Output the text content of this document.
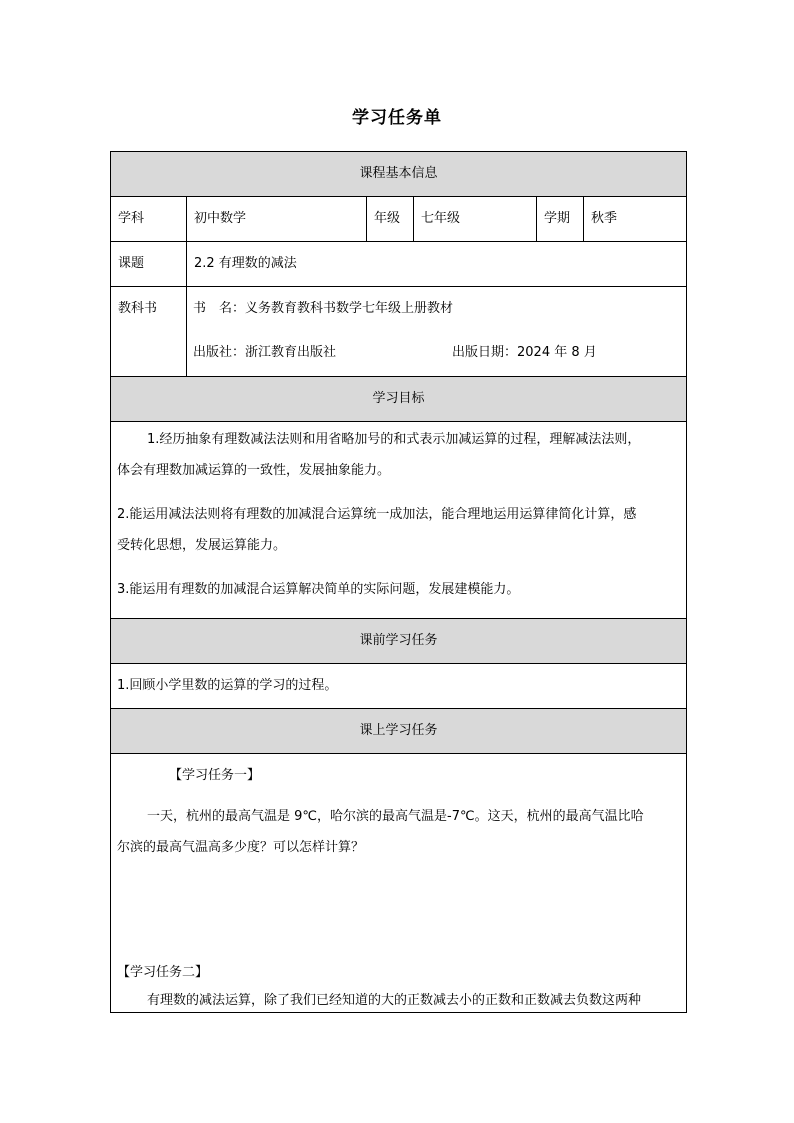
学习任务单
课程基本信息
学科	初中数学	年级	七年级	学期	秋季
课题	2.2 有理数的减法
教科书	书　名：义务教育教科书数学七年级上册教材
出版社：浙江教育出版社	出版日期：2024 年 8 月
学习目标
1.经历抽象有理数减法法则和用省略加号的和式表示加减运算的过程，理解减法法则，
体会有理数加减运算的一致性，发展抽象能力。
2.能运用减法法则将有理数的加减混合运算统一成加法，能合理地运用运算律简化计算，感
受转化思想，发展运算能力。
3.能运用有理数的加减混合运算解决简单的实际问题，发展建模能力。
课前学习任务
1.回顾小学里数的运算的学习的过程。
课上学习任务
【学习任务一】
一天，杭州的最高气温是 9℃，哈尔滨的最高气温是-7℃。这天，杭州的最高气温比哈
尔滨的最高气温高多少度？可以怎样计算？
【学习任务二】
有理数的减法运算，除了我们已经知道的大的正数减去小的正数和正数减去负数这两种
